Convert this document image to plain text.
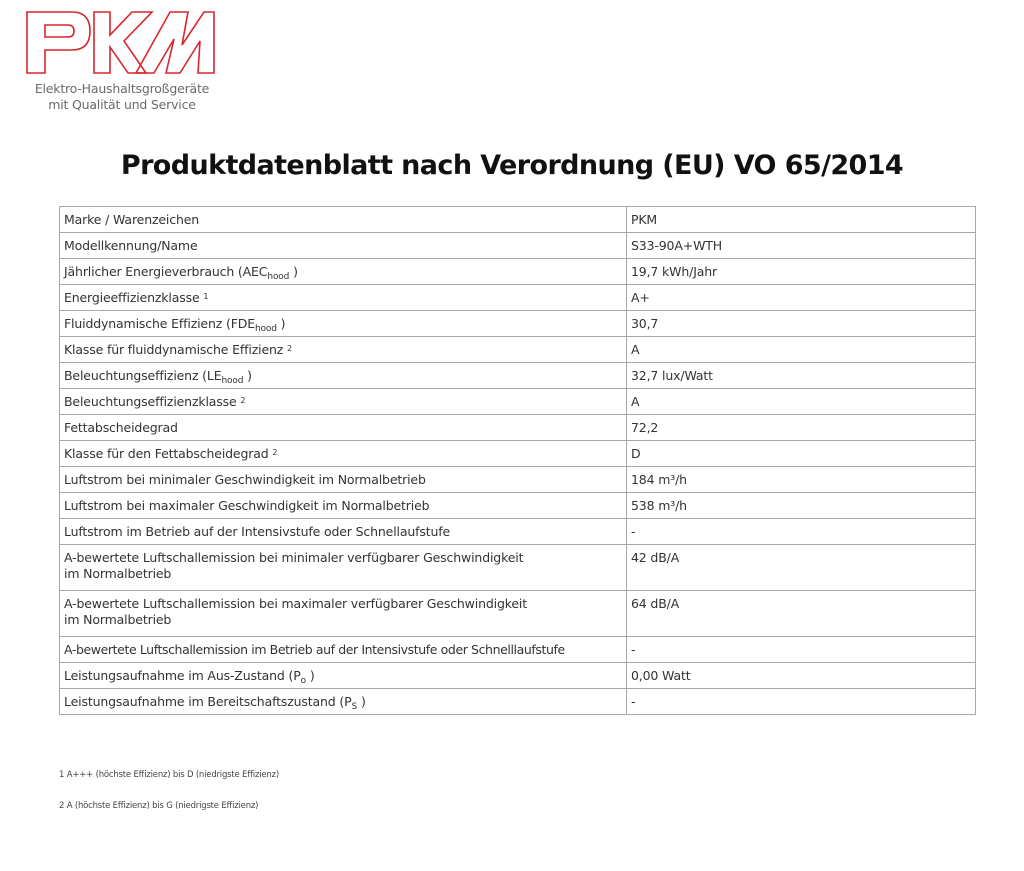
Elektro-Haushaltsgroßgeräte
mit Qualität und Service
Produktdatenblatt nach Verordnung (EU) VO 65/2014
Marke / Warenzeichen	PKM
Modellkennung/Name	S33-90A+WTH
Jährlicher Energieverbrauch ($AEC_{hood}$ )	19,7 kWh/Jahr
Energieeffizienzklasse $^1$	A+
Fluiddynamische Effizienz ($FDE_{hood}$ )	30,7
Klasse für fluiddynamische Effizienz $^2$	A
Beleuchtungseffizienz ($LE_{hood}$ )	32,7 lux/Watt
Beleuchtungseffizienzklasse $^2$	A
Fettabscheidegrad	72,2
Klasse für den Fettabscheidegrad $^2$	D
Luftstrom bei minimaler Geschwindigkeit im Normalbetrieb	184 m³/h
Luftstrom bei maximaler Geschwindigkeit im Normalbetrieb	538 m³/h
Luftstrom im Betrieb auf der Intensivstufe oder Schnellaufstufe	-
A-bewertete Luftschallemission bei minimaler verfügbarer Geschwindigkeit
im Normalbetrieb	42 dB/A
A-bewertete Luftschallemission bei maximaler verfügbarer Geschwindigkeit
im Normalbetrieb	64 dB/A
A-bewertete Luftschallemission im Betrieb auf der Intensivstufe oder Schnelllaufstufe	-
Leistungsaufnahme im Aus-Zustand ($P_o$ )	0,00 Watt
Leistungsaufnahme im Bereitschaftszustand ($P_S$ )	-
1 A+++ (höchste Effizienz) bis D (niedrigste Effizienz)
2 A (höchste Effizienz) bis G (niedrigste Effizienz)
